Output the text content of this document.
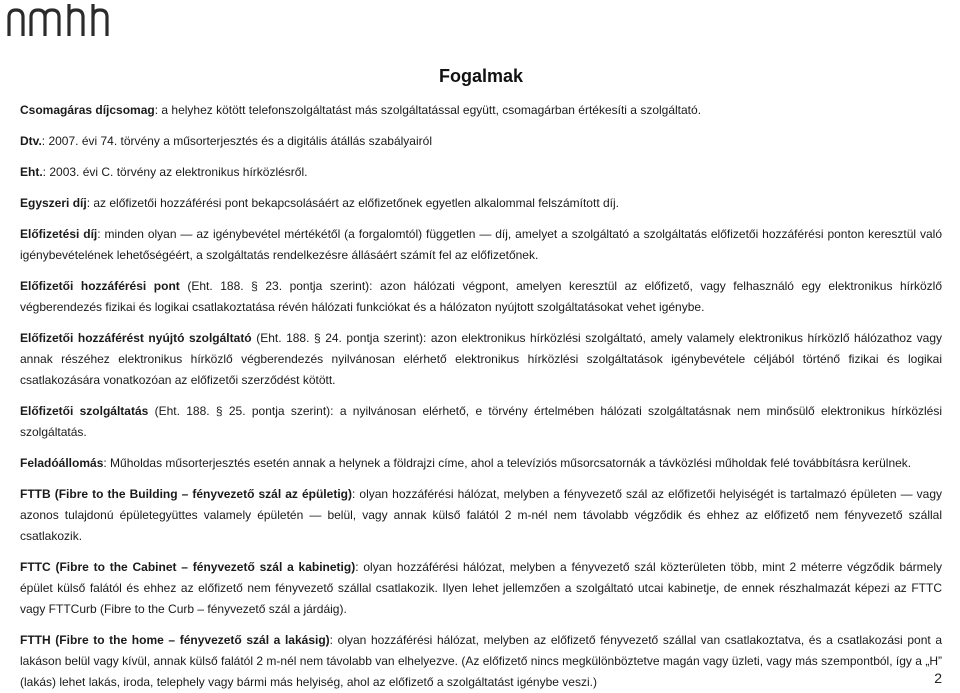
Fogalmak

Csomagáras díjcsomag: a helyhez kötött telefonszolgáltatást más szolgáltatással együtt, csomagárban értékesíti a szolgáltató.

Dtv.: 2007. évi 74. törvény a műsorterjesztés és a digitális átállás szabályairól

Eht.: 2003. évi C. törvény az elektronikus hírközlésről.

Egyszeri díj: az előfizetői hozzáférési pont bekapcsolásáért az előfizetőnek egyetlen alkalommal felszámított díj.

Előfizetési díj: minden olyan — az igénybevétel mértékétől (a forgalomtól) független — díj, amelyet a szolgáltató a szolgáltatás előfizetői hozzáférési ponton keresztül való igénybevételének lehetőségéért, a szolgáltatás rendelkezésre állásáért számít fel az előfizetőnek.

Előfizetői hozzáférési pont (Eht. 188. § 23. pontja szerint): azon hálózati végpont, amelyen keresztül az előfizető, vagy felhasználó egy elektronikus hírközlő végberendezés fizikai és logikai csatlakoztatása révén hálózati funkciókat és a hálózaton nyújtott szolgáltatásokat vehet igénybe.

Előfizetői hozzáférést nyújtó szolgáltató (Eht. 188. § 24. pontja szerint): azon elektronikus hírközlési szolgáltató, amely valamely elektronikus hírközlő hálózathoz vagy annak részéhez elektronikus hírközlő végberendezés nyilvánosan elérhető elektronikus hírközlési szolgáltatások igénybevétele céljából történő fizikai és logikai csatlakozására vonatkozóan az előfizetői szerződést kötött.

Előfizetői szolgáltatás (Eht. 188. § 25. pontja szerint): a nyilvánosan elérhető, e törvény értelmében hálózati szolgáltatásnak nem minősülő elektronikus hírközlési szolgáltatás.

Feladóállomás: Műholdas műsorterjesztés esetén annak a helynek a földrajzi címe, ahol a televíziós műsorcsatornák a távközlési műholdak felé továbbításra kerülnek.

FTTB (Fibre to the Building – fényvezető szál az épületig): olyan hozzáférési hálózat, melyben a fényvezető szál az előfizetői helyiségét is tartalmazó épületen — vagy azonos tulajdonú épületegyüttes valamely épületén — belül, vagy annak külső falától 2 m-nél nem távolabb végződik és ehhez az előfizető nem fényvezető szállal csatlakozik.

FTTC (Fibre to the Cabinet – fényvezető szál a kabinetig): olyan hozzáférési hálózat, melyben a fényvezető szál közterületen több, mint 2 méterre végződik bármely épület külső falától és ehhez az előfizető nem fényvezető szállal csatlakozik. Ilyen lehet jellemzően a szolgáltató utcai kabinetje, de ennek részhalmazát képezi az FTTC vagy FTTCurb (Fibre to the Curb – fényvezető szál a járdáig).

FTTH (Fibre to the home – fényvezető szál a lakásig): olyan hozzáférési hálózat, melyben az előfizető fényvezető szállal van csatlakoztatva, és a csatlakozási pont a lakáson belül vagy kívül, annak külső falától 2 m-nél nem távolabb van elhelyezve. (Az előfizető nincs megkülönböztetve magán vagy üzleti, vagy más szempontból, így a „H” (lakás) lehet lakás, iroda, telephely vagy bármi más helyiség, ahol az előfizető a szolgáltatást igénybe veszi.)	2
